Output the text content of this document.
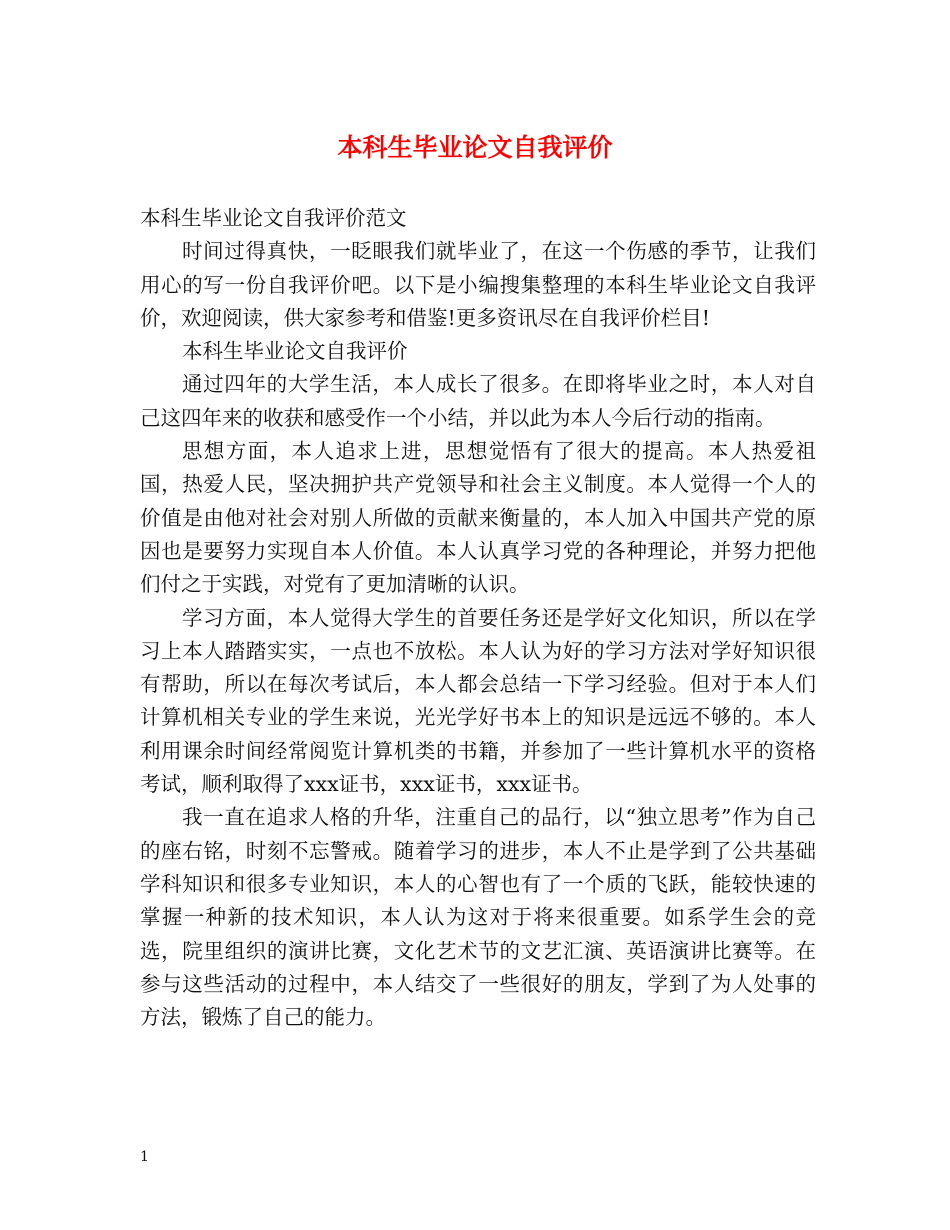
本科生毕业论文自我评价

本科生毕业论文自我评价范文

时间过得真快，一眨眼我们就毕业了，在这一个伤感的季节，让我们用心的写一份自我评价吧。以下是小编搜集整理的本科生毕业论文自我评价，欢迎阅读，供大家参考和借鉴!更多资讯尽在自我评价栏目!

本科生毕业论文自我评价

通过四年的大学生活，本人成长了很多。在即将毕业之时，本人对自己这四年来的收获和感受作一个小结，并以此为本人今后行动的指南。

思想方面，本人追求上进，思想觉悟有了很大的提高。本人热爱祖国，热爱人民，坚决拥护共产党领导和社会主义制度。本人觉得一个人的价值是由他对社会对别人所做的贡献来衡量的，本人加入中国共产党的原因也是要努力实现自本人价值。本人认真学习党的各种理论，并努力把他们付之于实践，对党有了更加清晰的认识。

学习方面，本人觉得大学生的首要任务还是学好文化知识，所以在学习上本人踏踏实实，一点也不放松。本人认为好的学习方法对学好知识很有帮助，所以在每次考试后，本人都会总结一下学习经验。但对于本人们计算机相关专业的学生来说，光光学好书本上的知识是远远不够的。本人利用课余时间经常阅览计算机类的书籍，并参加了一些计算机水平的资格考试，顺利取得了xxx证书，xxx证书，xxx证书。

我一直在追求人格的升华，注重自己的品行，以“独立思考”作为自己的座右铭，时刻不忘警戒。随着学习的进步，本人不止是学到了公共基础学科知识和很多专业知识，本人的心智也有了一个质的飞跃，能较快速的掌握一种新的技术知识，本人认为这对于将来很重要。如系学生会的竞选，院里组织的演讲比赛，文化艺术节的文艺汇演、英语演讲比赛等。在参与这些活动的过程中，本人结交了一些很好的朋友，学到了为人处事的方法，锻炼了自己的能力。

1
